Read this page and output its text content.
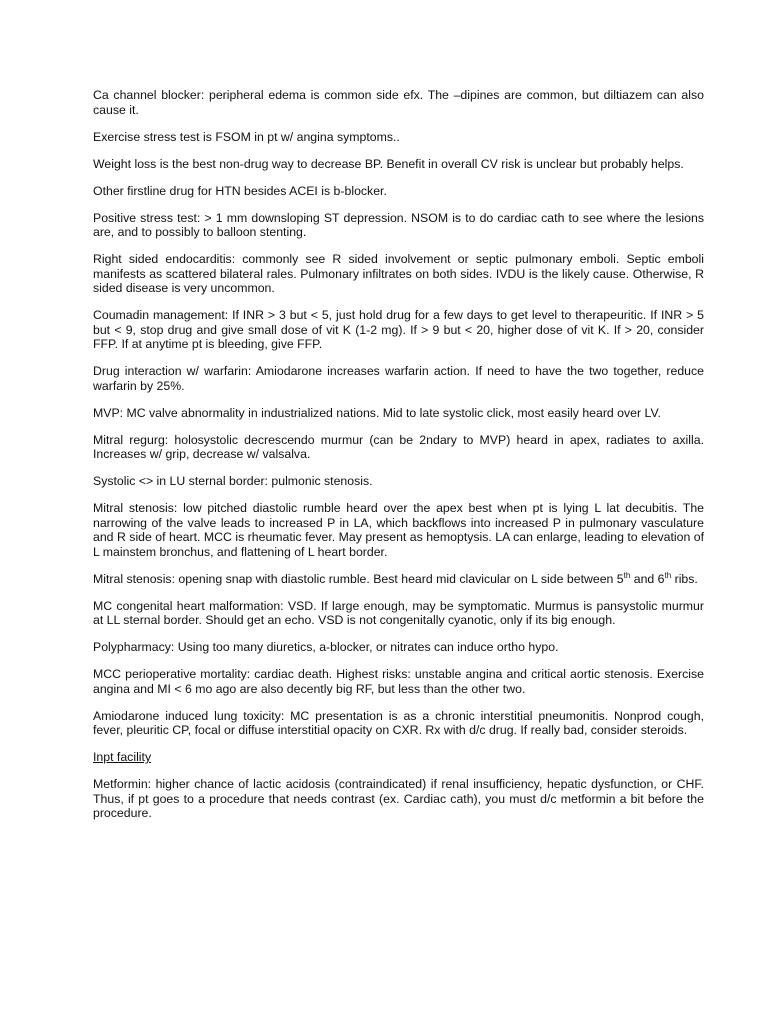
Ca channel blocker: peripheral edema is common side efx. The –dipines are common, but diltiazem can also cause it.

Exercise stress test is FSOM in pt w/ angina symptoms..

Weight loss is the best non-drug way to decrease BP. Benefit in overall CV risk is unclear but probably helps.

Other firstline drug for HTN besides ACEI is b-blocker.

Positive stress test: > 1 mm downsloping ST depression. NSOM is to do cardiac cath to see where the lesions are, and to possibly to balloon stenting.

Right sided endocarditis: commonly see R sided involvement or septic pulmonary emboli. Septic emboli manifests as scattered bilateral rales. Pulmonary infiltrates on both sides. IVDU is the likely cause. Otherwise, R sided disease is very uncommon.

Coumadin management: If INR > 3 but < 5, just hold drug for a few days to get level to therapeuritic. If INR > 5 but < 9, stop drug and give small dose of vit K (1-2 mg). If > 9 but < 20, higher dose of vit K. If > 20, consider FFP. If at anytime pt is bleeding, give FFP.

Drug interaction w/ warfarin: Amiodarone increases warfarin action. If need to have the two together, reduce warfarin by 25%.

MVP: MC valve abnormality in industrialized nations. Mid to late systolic click, most easily heard over LV.

Mitral regurg: holosystolic decrescendo murmur (can be 2ndary to MVP) heard in apex, radiates to axilla. Increases w/ grip, decrease w/ valsalva.

Systolic <> in LU sternal border: pulmonic stenosis.

Mitral stenosis: low pitched diastolic rumble heard over the apex best when pt is lying L lat decubitis. The narrowing of the valve leads to increased P in LA, which backflows into increased P in pulmonary vasculature and R side of heart. MCC is rheumatic fever. May present as hemoptysis. LA can enlarge, leading to elevation of L mainstem bronchus, and flattening of L heart border.

Mitral stenosis: opening snap with diastolic rumble. Best heard mid clavicular on L side between 5th and 6th ribs.

MC congenital heart malformation: VSD. If large enough, may be symptomatic. Murmus is pansystolic murmur at LL sternal border. Should get an echo. VSD is not congenitally cyanotic, only if its big enough.

Polypharmacy: Using too many diuretics, a-blocker, or nitrates can induce ortho hypo.

MCC perioperative mortality: cardiac death. Highest risks: unstable angina and critical aortic stenosis. Exercise angina and MI < 6 mo ago are also decently big RF, but less than the other two.

Amiodarone induced lung toxicity: MC presentation is as a chronic interstitial pneumonitis. Nonprod cough, fever, pleuritic CP, focal or diffuse interstitial opacity on CXR. Rx with d/c drug. If really bad, consider steroids.

Inpt facility

Metformin: higher chance of lactic acidosis (contraindicated) if renal insufficiency, hepatic dysfunction, or CHF. Thus, if pt goes to a procedure that needs contrast (ex. Cardiac cath), you must d/c metformin a bit before the procedure.
